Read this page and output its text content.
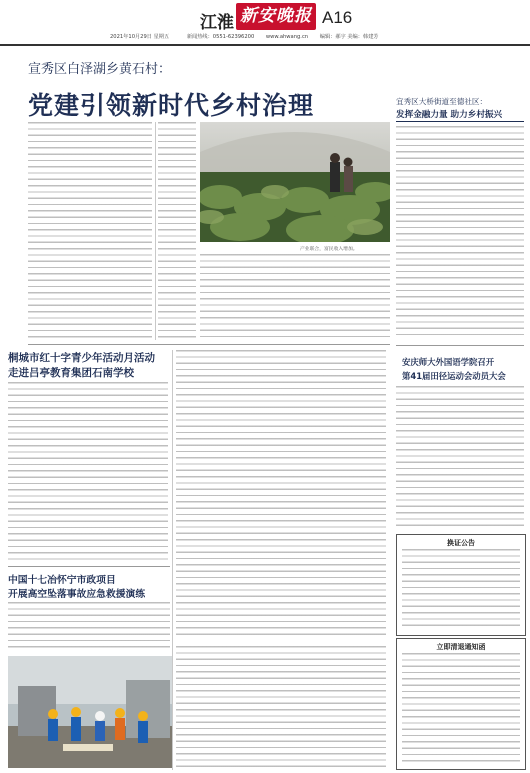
江淮 新安晚报 A16
2021年10月29日 星期五	新闻热线：0551-62396200 www.ahwang.cn 编辑：郝宇 美编：韩建芳
宣秀区白泽湖乡黄石村：
党建引领新时代乡村治理	宜秀区大桥街道至德社区：
发挥金融力量 助力乡村振兴
产业联合，富民收入增加。
桐城市红十字青少年活动月活动
走进吕亭教育集团石南学校
安庆师大外国语学院召开
第41届田径运动会动员大会
换证公告
立即清退通知函
中国十七冶怀宁市政项目
开展高空坠落事故应急救援演练
